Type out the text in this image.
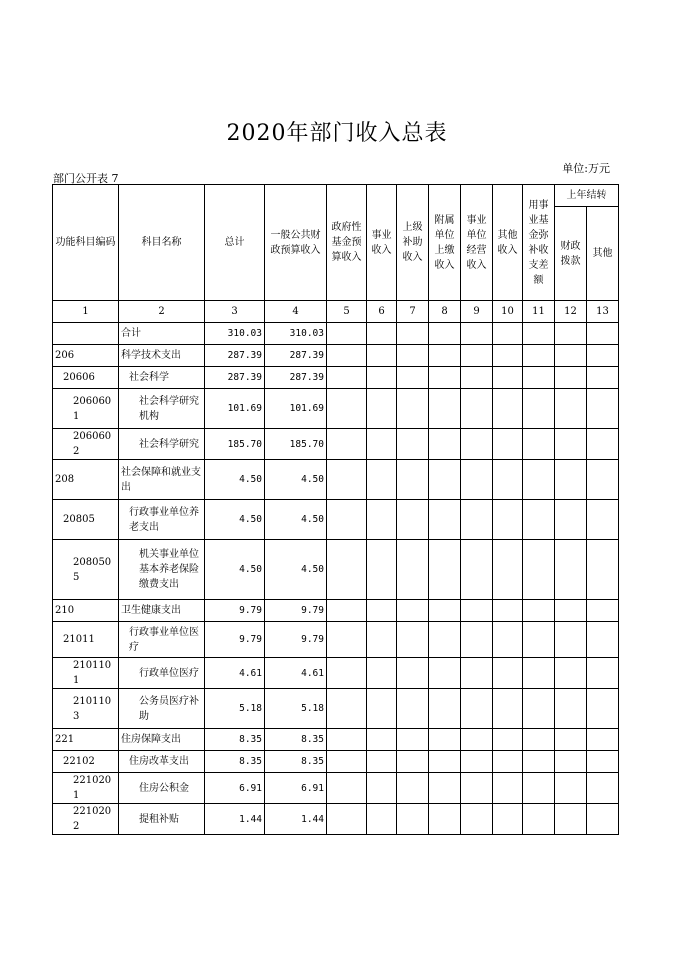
2020年部门收入总表
单位:万元
部门公开表 7
功能科目编码	科目名称	总计	一般公共财政预算收入	政府性基金预算收入	事业收入	上级补助收入	附属单位上缴收入	事业单位经营收入	其他收入	用事业基金弥补收支差额	上年结转	
											财政拨款	其他
1	2	3	4	5	6	7	8	9	10	11	12	13
	合计	310.03	310.03									
206	科学技术支出	287.39	287.39									
20606	社会科学	287.39	287.39									
2060601	社会科学研究机构	101.69	101.69									
2060602	社会科学研究	185.70	185.70									
208	社会保障和就业支出	4.50	4.50									
20805	行政事业单位养老支出	4.50	4.50									
2080505	机关事业单位基本养老保险缴费支出	4.50	4.50									
210	卫生健康支出	9.79	9.79									
21011	行政事业单位医疗	9.79	9.79									
2101101	行政单位医疗	4.61	4.61									
2101103	公务员医疗补助	5.18	5.18									
221	住房保障支出	8.35	8.35									
22102	住房改革支出	8.35	8.35									
2210201	住房公积金	6.91	6.91									
2210202	提租补贴	1.44	1.44									
